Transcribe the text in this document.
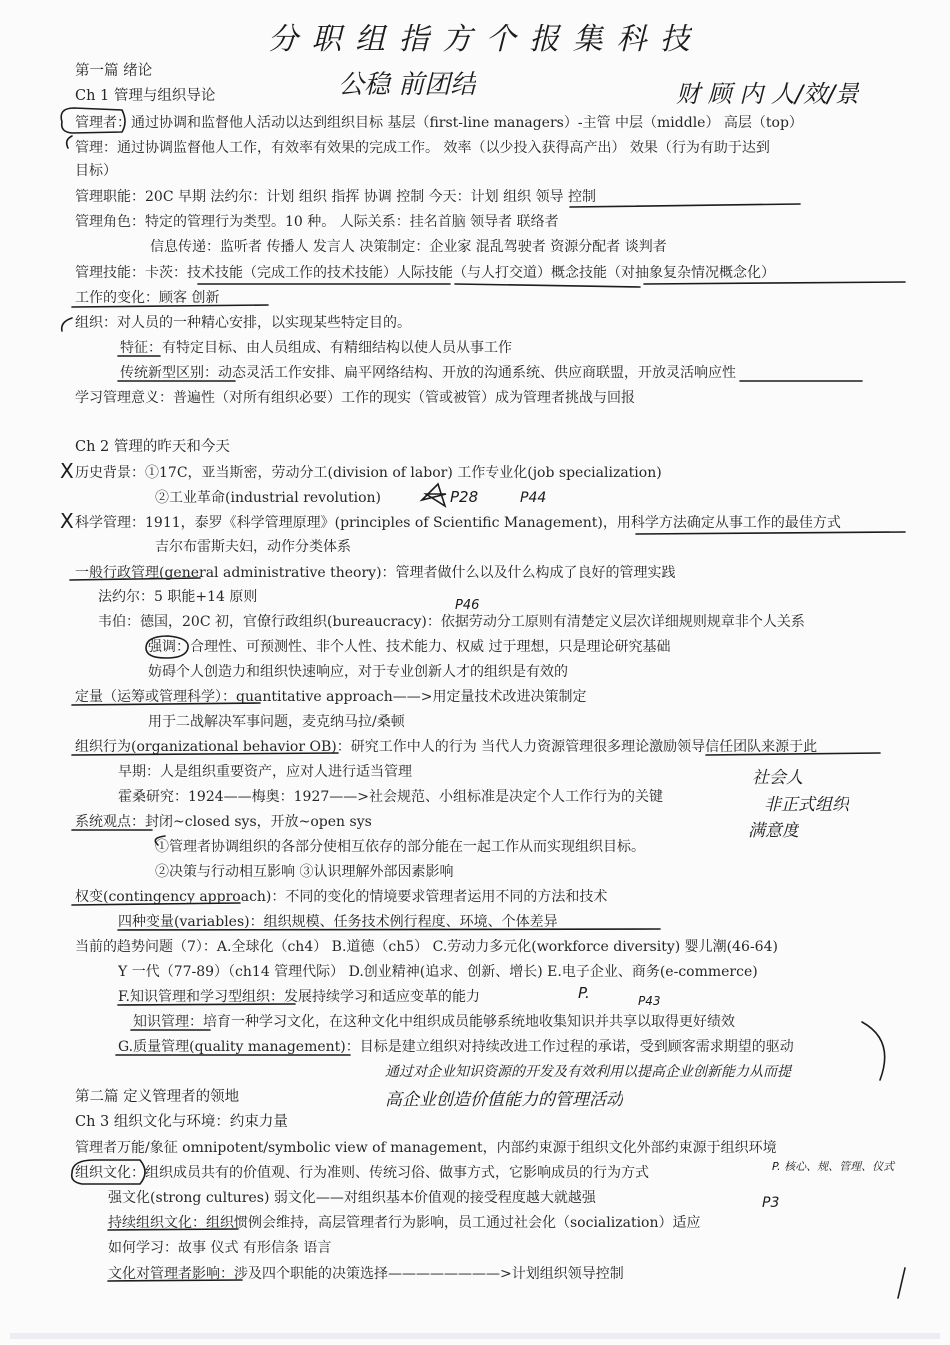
分 职 组 指 方 个 报 集 科 技
公稳 前团结	财 顾 内 人/效/景
第一篇 绪论
Ch 1 管理与组织导论
管理者：通过协调和监督他人活动以达到组织目标 基层（first-line managers）-主管 中层（middle） 高层（top）
管理：通过协调监督他人工作，有效率有效果的完成工作。 效率（以少投入获得高产出） 效果（行为有助于达到
目标）
管理职能：20C 早期 法约尔：计划 组织 指挥 协调 控制 今天：计划 组织 领导 控制
管理角色：特定的管理行为类型。10 种。 人际关系：挂名首脑 领导者 联络者
信息传递：监听者 传播人 发言人 决策制定：企业家 混乱驾驶者 资源分配者 谈判者
管理技能：卡茨：技术技能（完成工作的技术技能）人际技能（与人打交道）概念技能（对抽象复杂情况概念化）
工作的变化：顾客 创新
组织：对人员的一种精心安排，以实现某些特定目的。
特征：有特定目标、由人员组成、有精细结构以使人员从事工作
传统新型区别：动态灵活工作安排、扁平网络结构、开放的沟通系统、供应商联盟，开放灵活响应性
学习管理意义：普遍性（对所有组织必要）工作的现实（管或被管）成为管理者挑战与回报
Ch 2 管理的昨天和今天
X 历史背景：①17C，亚当斯密，劳动分工(division of labor) 工作专业化(job specialization)
②工业革命(industrial revolution)
X 科学管理：1911，泰罗《科学管理原理》(principles of Scientific Management)，用科学方法确定从事工作的最佳方式
吉尔布雷斯夫妇，动作分类体系
一般行政管理(general administrative theory)：管理者做什么以及什么构成了良好的管理实践
法约尔：5 职能+14 原则
韦伯：德国，20C 初，官僚行政组织(bureaucracy)：依据劳动分工原则有清楚定义层次详细规则规章非个人关系
强调：合理性、可预测性、非个人性、技术能力、权威 过于理想，只是理论研究基础
妨碍个人创造力和组织快速响应，对于专业创新人才的组织是有效的
定量（运筹或管理科学）：quantitative approach——>用定量技术改进决策制定
用于二战解决军事问题，麦克纳马拉/桑顿
组织行为(organizational behavior OB)：研究工作中人的行为 当代人力资源管理很多理论激励领导信任团队来源于此
早期：人是组织重要资产，应对人进行适当管理
霍桑研究：1924——梅奥：1927——>社会规范、小组标准是决定个人工作行为的关键
系统观点：封闭~closed sys，开放~open sys
①管理者协调组织的各部分使相互依存的部分能在一起工作从而实现组织目标。
②决策与行动相互影响 ③认识理解外部因素影响
权变(contingency approach)：不同的变化的情境要求管理者运用不同的方法和技术
四种变量(variables)：组织规模、任务技术例行程度、环境、个体差异
当前的趋势问题（7）：A.全球化（ch4） B.道德（ch5） C.劳动力多元化(workforce diversity) 婴儿潮(46-64)
Y 一代（77-89）（ch14 管理代际） D.创业精神(追求、创新、增长) E.电子企业、商务(e-commerce)
F.知识管理和学习型组织：发展持续学习和适应变革的能力
知识管理：培育一种学习文化，在这种文化中组织成员能够系统地收集知识并共享以取得更好绩效
G.质量管理(quality management)：目标是建立组织对持续改进工作过程的承诺，受到顾客需求期望的驱动
第二篇 定义管理者的领地
Ch 3 组织文化与环境：约束力量
管理者万能/象征 omnipotent/symbolic view of management，内部约束源于组织文化外部约束源于组织环境
组织文化：组织成员共有的价值观、行为准则、传统习俗、做事方式，它影响成员的行为方式
强文化(strong cultures) 弱文化——对组织基本价值观的接受程度越大就越强
持续组织文化：组织惯例会维持，高层管理者行为影响，员工通过社会化（socialization）适应
如何学习：故事 仪式 有形信条 语言
文化对管理者影响：涉及四个职能的决策选择————————>计划组织领导控制
P28	P44
P46
社会人
非正式组织
满意度
P.	P43
通过对企业知识资源的开发及有效利用以提高企业创新能力从而提
高企业创造价值能力的管理活动
P. 核心、规、管理、仪式
P3
